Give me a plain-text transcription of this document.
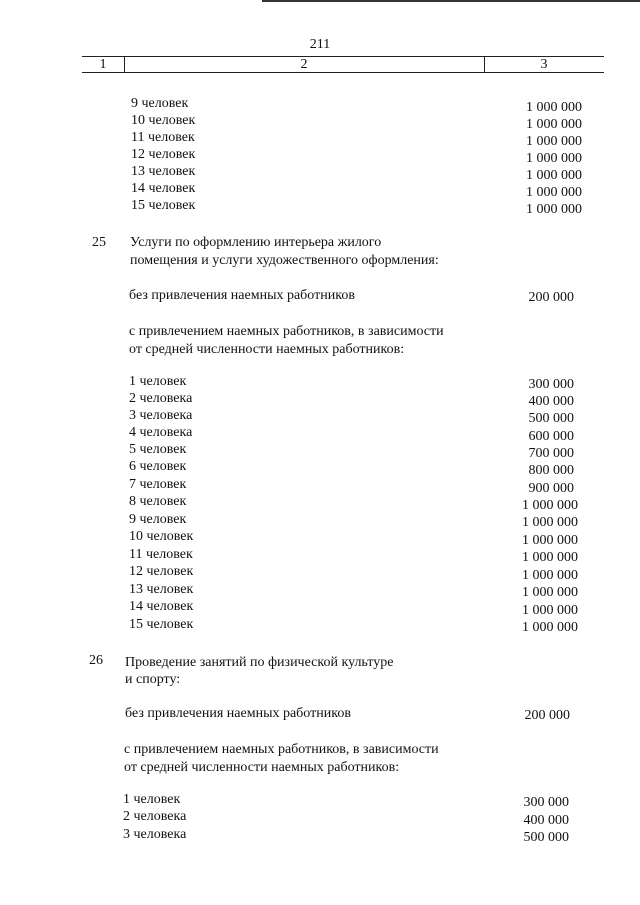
211
1	2	3
9 человек	1 000 000
10 человек	1 000 000
11 человек	1 000 000
12 человек	1 000 000
13 человек	1 000 000
14 человек	1 000 000
15 человек	1 000 000
25 Услуги по оформлению интерьера жилого
помещения и услуги художественного оформления:
без привлечения наемных работников	200 000
с привлечением наемных работников, в зависимости
от средней численности наемных работников:
1 человек	300 000
2 человека	400 000
3 человека	500 000
4 человека	600 000
5 человек	700 000
6 человек	800 000
7 человек	900 000
8 человек	1 000 000
9 человек	1 000 000
10 человек	1 000 000
11 человек	1 000 000
12 человек	1 000 000
13 человек	1 000 000
14 человек	1 000 000
15 человек	1 000 000
26 Проведение занятий по физической культуре
и спорту:
без привлечения наемных работников	200 000
с привлечением наемных работников, в зависимости
от средней численности наемных работников:
1 человек	300 000
2 человека	400 000
3 человека	500 000
